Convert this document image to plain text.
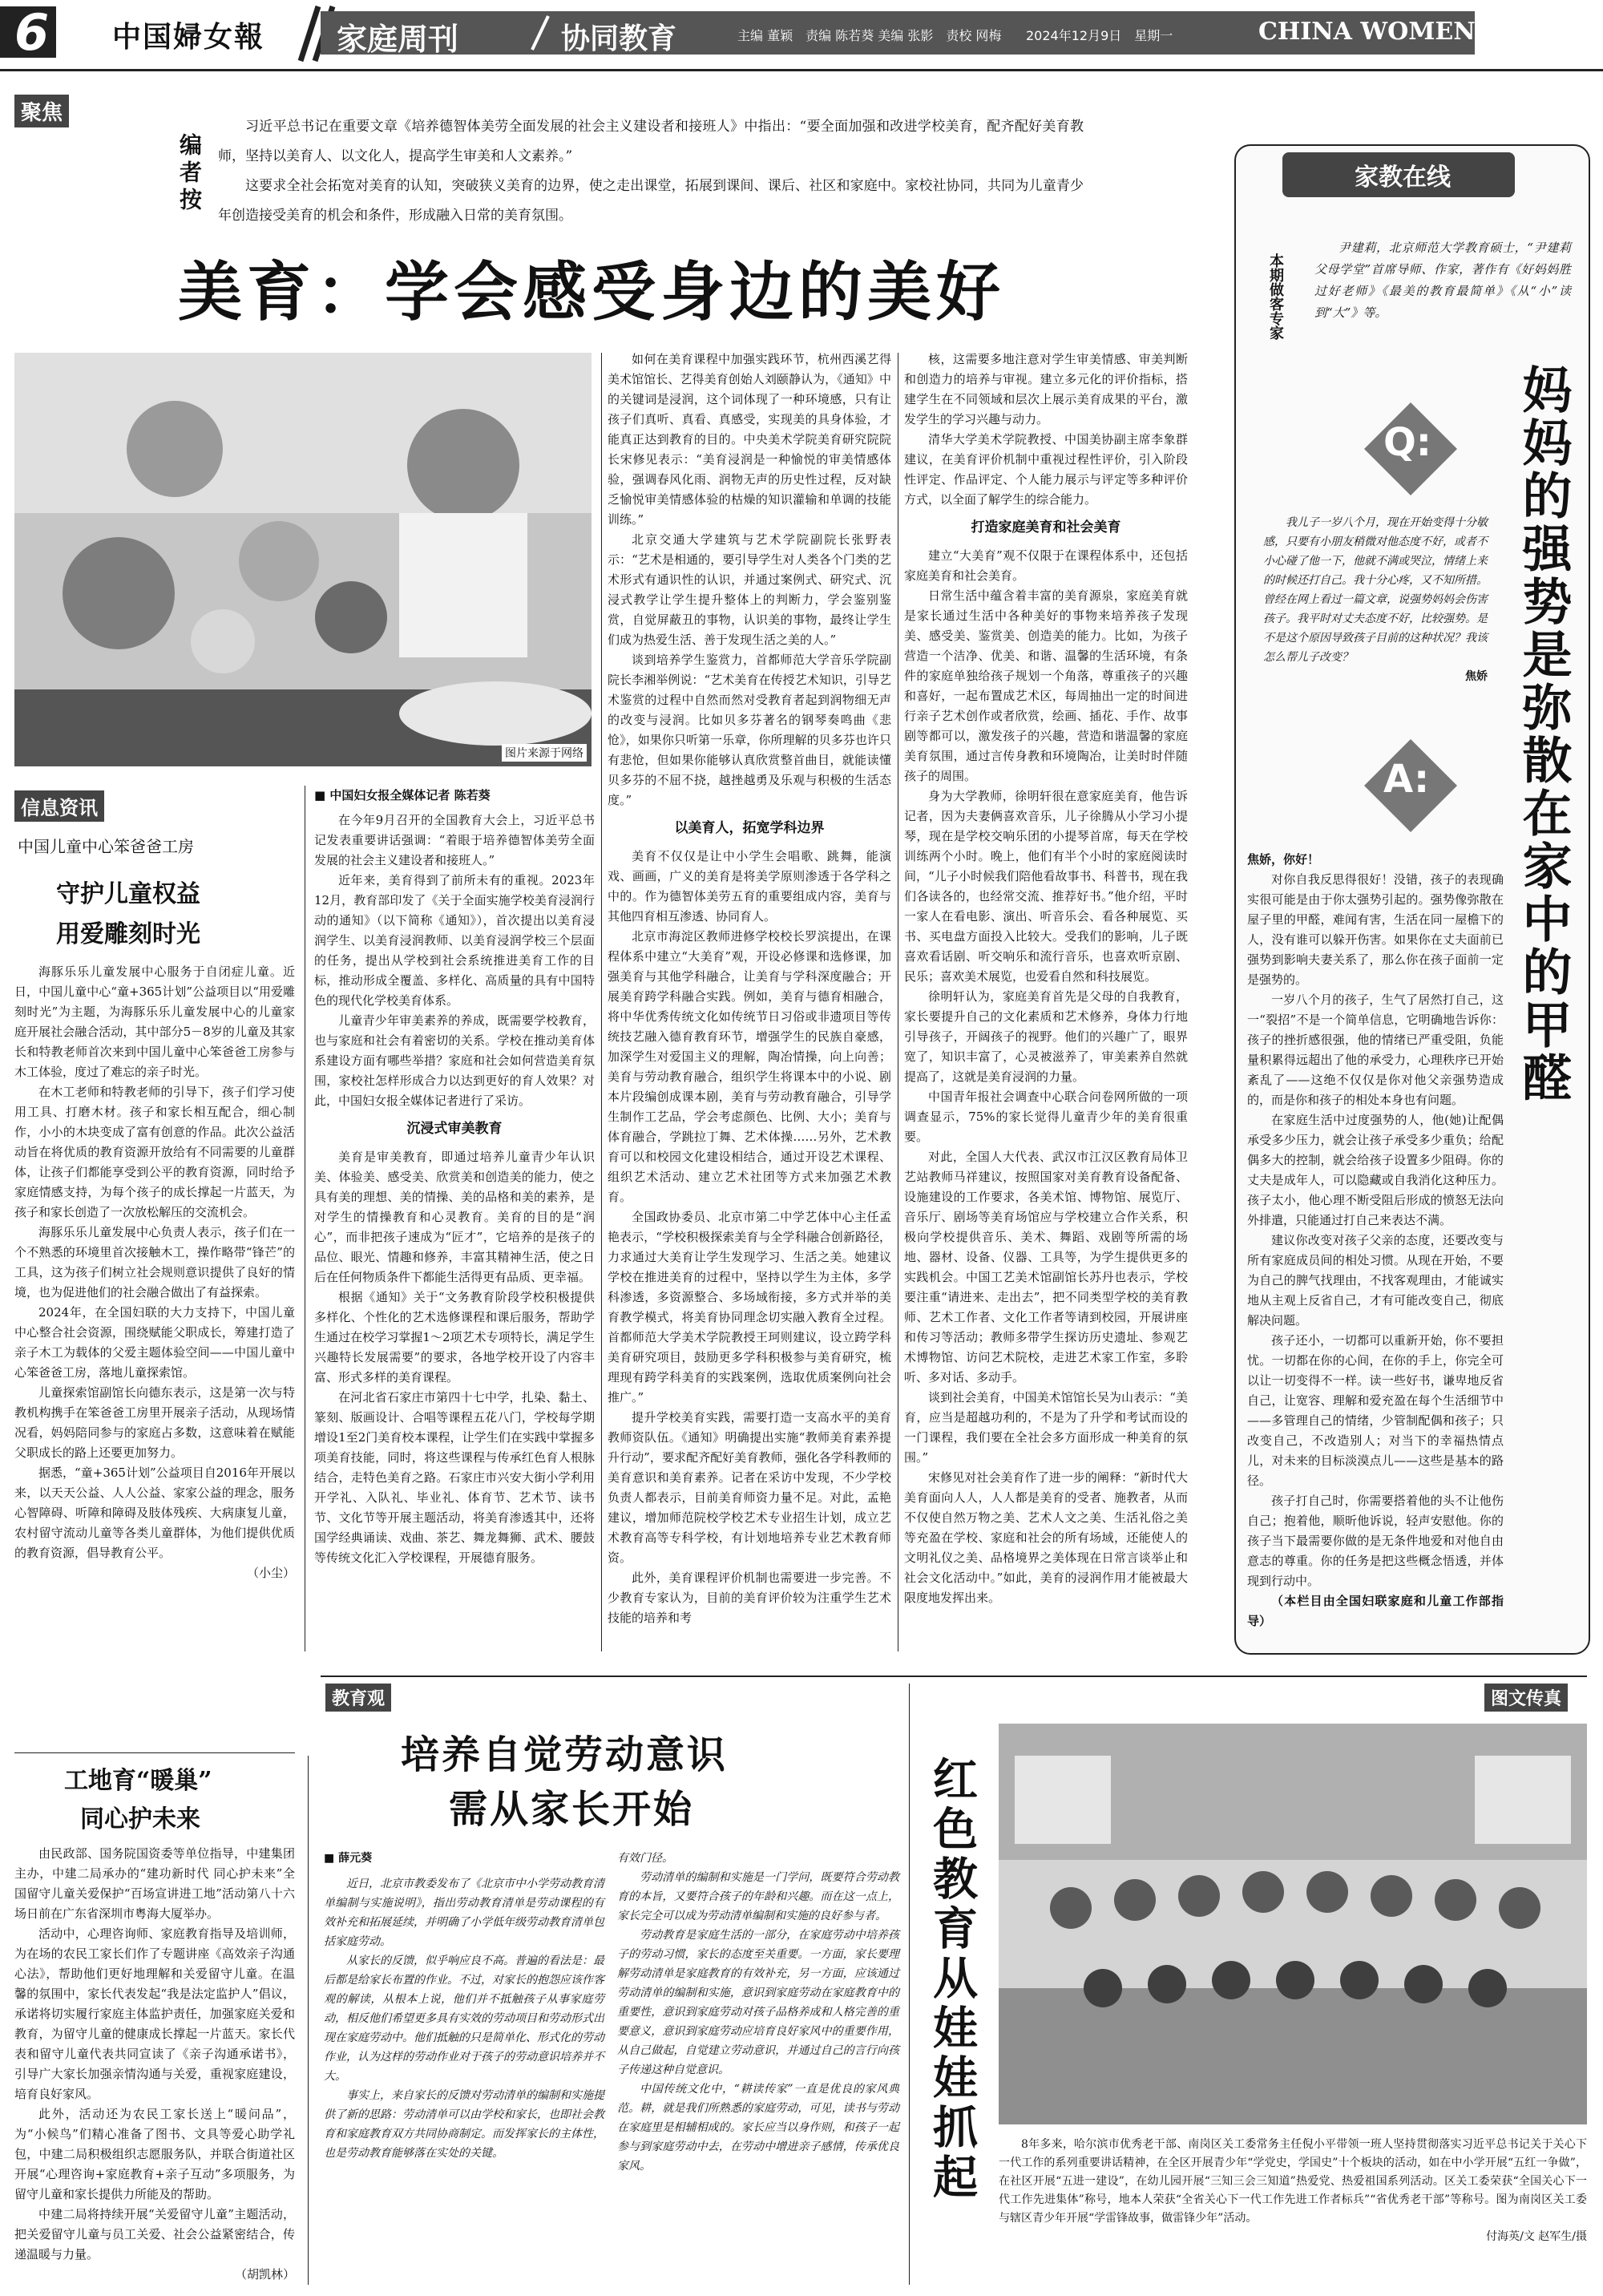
6 中国婦女報 家庭周刊	协同教育	主编 董颖　责编 陈若葵 美编 张影　责校 网梅 2024年12月9日　星期一	CHINA WOMEN'S NEWS
聚焦
编者按

习近平总书记在重要文章《培养德智体美劳全面发展的社会主义建设者和接班人》中指出：“要全面加强和改进学校美育，配齐配好美育教师，坚持以美育人、以文化人，提高学生审美和人文素养。”

这要求全社会拓宽对美育的认知，突破狭义美育的边界，使之走出课堂，拓展到课间、课后、社区和家庭中。家校社协同，共同为儿童青少年创造接受美育的机会和条件，形成融入日常的美育氛围。

美育：学会感受身边的美好
图片来源于网络
■ 中国妇女报全媒体记者 陈若葵

在今年9月召开的全国教育大会上，习近平总书记发表重要讲话强调：“着眼于培养德智体美劳全面发展的社会主义建设者和接班人。”

近年来，美育得到了前所未有的重视。2023年12月，教育部印发了《关于全面实施学校美育浸润行动的通知》（以下简称《通知》），首次提出以美育浸润学生、以美育浸润教师、以美育浸润学校三个层面的任务，提出从学校到社会系统推进美育工作的目标，推动形成全覆盖、多样化、高质量的具有中国特色的现代化学校美育体系。

儿童青少年审美素养的养成，既需要学校教育，也与家庭和社会有着密切的关系。学校在推动美育体系建设方面有哪些举措？家庭和社会如何营造美育氛围，家校社怎样形成合力以达到更好的育人效果？对此，中国妇女报全媒体记者进行了采访。

沉浸式审美教育

美育是审美教育，即通过培养儿童青少年认识美、体验美、感受美、欣赏美和创造美的能力，使之具有美的理想、美的情操、美的品格和美的素养，是对学生的情操教育和心灵教育。美育的目的是“润心”，而非把孩子速成为“匠才”，它培养的是孩子的品位、眼光、情趣和修养，丰富其精神生活，使之日后在任何物质条件下都能生活得更有品质、更幸福。

根据《通知》关于“文务教育阶段学校积极提供多样化、个性化的艺术选修课程和课后服务，帮助学生通过在校学习掌握1～2项艺术专项特长，满足学生兴趣特长发展需要”的要求，各地学校开设了内容丰富、形式多样的美育课程。

在河北省石家庄市第四十七中学，扎染、黏土、篆刻、版画设计、合唱等课程五花八门，学校每学期增设1至2门美育校本课程，让学生们在实践中掌握多项美育技能，同时，将这些课程与传承红色育人根脉结合，走特色美育之路。石家庄市兴安大街小学利用开学礼、入队礼、毕业礼、体育节、艺术节、读书节、文化节等开展主题活动，将美育渗透其中，还将国学经典诵读、戏曲、茶艺、舞龙舞狮、武术、腰鼓等传统文化汇入学校课程，开展德育服务。

如何在美育课程中加强实践环节，杭州西溪艺得美术馆馆长、艺得美育创始人刘颐静认为，《通知》中的关键词是浸润，这个词体现了一种环境感，只有让孩子们真听、真看、真感受，实现美的具身体验，才能真正达到教育的目的。中央美术学院美育研究院院长宋修见表示：“美育浸润是一种愉悦的审美情感体验，强调春风化雨、润物无声的历史性过程，反对缺乏愉悦审美情感体验的枯燥的知识灌输和单调的技能训练。”

北京交通大学建筑与艺术学院副院长张野表示：“艺术是相通的，要引导学生对人类各个门类的艺术形式有通识性的认识，并通过案例式、研究式、沉浸式教学让学生提升整体上的判断力，学会鉴别鉴赏，自觉屏蔽丑的事物，认识美的事物，最终让学生们成为热爱生活、善于发现生活之美的人。”

谈到培养学生鉴赏力，首都师范大学音乐学院副院长李湘举例说：“艺术美育在传授艺术知识，引导艺术鉴赏的过程中自然而然对受教育者起到润物细无声的改变与浸润。比如贝多芬著名的钢琴奏鸣曲《悲怆》，如果你只听第一乐章，你所理解的贝多芬也许只有悲怆，但如果你能够认真欣赏整首曲目，就能读懂贝多芬的不屈不挠，越挫越勇及乐观与积极的生活态度。”

以美育人，拓宽学科边界

美育不仅仅是让中小学生会唱歌、跳舞，能演戏、画画，广义的美育是将美学原则渗透于各学科之中的。作为德智体美劳五育的重要组成内容，美育与其他四育相互渗透、协同育人。

北京市海淀区教师进修学校校长罗滨提出，在课程体系中建立“大美育”观，开设必修课和选修课，加强美育与其他学科融合，让美育与学科深度融合；开展美育跨学科融合实践。例如，美育与德育相融合，将中华优秀传统文化如传统节日习俗或非遗项目等传统技艺融入德育教育环节，增强学生的民族自豪感，加深学生对爱国主义的理解，陶冶情操，向上向善；美育与劳动教育融合，组织学生将课本中的小说、剧本片段编创成课本剧，美育与劳动教育融合，引导学生制作工艺品，学会考虑颜色、比例、大小；美育与体育融合，学跳拉丁舞、艺术体操……另外，艺术教育可以和校园文化建设相结合，通过开设艺术课程、组织艺术活动、建立艺术社团等方式来加强艺术教育。

全国政协委员、北京市第二中学艺体中心主任孟艳表示，“学校积极探索美育与全学科融合创新路径，力求通过大美育让学生发现学习、生活之美。她建议学校在推进美育的过程中，坚持以学生为主体，多学科渗透，多资源整合、多场域衔接，多方式并举的美育教学模式，将美育协同理念切实融入教育全过程。首都师范大学美术学院教授王珂则建议，设立跨学科美育研究项目，鼓励更多学科积极参与美育研究，梳理现有跨学科美育的实践案例，选取优质案例向社会推广。”

提升学校美育实践，需要打造一支高水平的美育教师资队伍。《通知》明确提出实施“教师美育素养提升行动”，要求配齐配好美育教师，强化各学科教师的美育意识和美育素养。记者在采访中发现，不少学校负责人都表示，目前美育师资力量不足。对此，孟艳建议，增加师范院校学校艺术专业招生计划，成立艺术教育高等专科学校，有计划地培养专业艺术教育师资。

此外，美育课程评价机制也需要进一步完善。不少教育专家认为，目前的美育评价较为注重学生艺术技能的培养和考

核，这需要多地注意对学生审美情感、审美判断和创造力的培养与审视。建立多元化的评价指标，搭建学生在不同领域和层次上展示美育成果的平台，激发学生的学习兴趣与动力。

清华大学美术学院教授、中国美协副主席李象群建议，在美育评价机制中重视过程性评价，引入阶段性评定、作品评定、个人能力展示与评定等多种评价方式，以全面了解学生的综合能力。

打造家庭美育和社会美育

建立“大美育”观不仅限于在课程体系中，还包括家庭美育和社会美育。

日常生活中蕴含着丰富的美育源泉，家庭美育就是家长通过生活中各种美好的事物来培养孩子发现美、感受美、鉴赏美、创造美的能力。比如，为孩子营造一个洁净、优美、和谐、温馨的生活环境，有条件的家庭单独给孩子规划一个角落，尊重孩子的兴趣和喜好，一起布置成艺术区，每周抽出一定的时间进行亲子艺术创作或者欣赏，绘画、插花、手作、故事剧等都可以，激发孩子的兴趣，营造和谐温馨的家庭美育氛围，通过言传身教和环境陶冶，让美时时伴随孩子的周围。

身为大学教师，徐明轩很在意家庭美育，他告诉记者，因为夫妻俩喜欢音乐，儿子徐腾从小学习小提琴，现在是学校交响乐团的小提琴首席，每天在学校训练两个小时。晚上，他们有半个小时的家庭阅读时间，“儿子小时候我们陪他看故事书、科普书，现在我们各读各的，也经常交流、推荐好书。”他介绍，平时一家人在看电影、演出、听音乐会、看各种展览、买书、买电盘方面投入比较大。受我们的影响，儿子既喜欢看话剧、听交响乐和流行音乐，也喜欢听京剧、民乐；喜欢美术展览，也爱看自然和科技展览。

徐明轩认为，家庭美育首先是父母的自我教育，家长要提升自己的文化素质和艺术修养，身体力行地引导孩子，开阔孩子的视野。他们的兴趣广了，眼界宽了，知识丰富了，心灵被滋养了，审美素养自然就提高了，这就是美育浸润的力量。

中国青年报社会调查中心联合问卷网所做的一项调查显示，75%的家长觉得儿童青少年的美育很重要。

对此，全国人大代表、武汉市江汉区教育局体卫艺站教师马祥建议，按照国家对美育教育设备配备、设施建设的工作要求，各美术馆、博物馆、展览厅、音乐厅、剧场等美育场馆应与学校建立合作关系，积极向学校提供音乐、美术、舞蹈、戏剧等所需的场地、器材、设备、仪器、工具等，为学生提供更多的实践机会。中国工艺美术馆副馆长苏丹也表示，学校要注重“请进来、走出去”，把不同类型学校的美育教师、艺术工作者、文化工作者等请到校园，开展讲座和传习等活动；教师多带学生探访历史遗址、参观艺术博物馆、访问艺术院校，走进艺术家工作室，多聆听、多对话、多动手。

谈到社会美育，中国美术馆馆长吴为山表示：“美育，应当是超越功利的，不是为了升学和考试而设的一门课程，我们要在全社会多方面形成一种美育的氛围。”

宋修见对社会美育作了进一步的阐释：“新时代大美育面向人人，人人都是美育的受者、施教者，从而不仅使自然万物之美、艺术人文之美、生活礼俗之美等充盈在学校、家庭和社会的所有场域，还能使人的文明礼仪之美、品格境界之美体现在日常言谈举止和社会文化活动中。”如此，美育的浸润作用才能被最大限度地发挥出来。

信息资讯
中国儿童中心笨爸爸工房
守护儿童权益
用爱雕刻时光

海豚乐乐儿童发展中心服务于自闭症儿童。近日，中国儿童中心“童+365计划”公益项目以“用爱雕刻时光”为主题，为海豚乐乐儿童发展中心的儿童家庭开展社会融合活动，其中部分5－8岁的儿童及其家长和特教老师首次来到中国儿童中心笨爸爸工房参与木工体验，度过了难忘的亲子时光。

在木工老师和特教老师的引导下，孩子们学习使用工具、打磨木材。孩子和家长相互配合，细心制作，小小的木块变成了富有创意的作品。此次公益活动旨在将优质的教育资源开放给有不同需要的儿童群体，让孩子们都能享受到公平的教育资源，同时给予家庭情感支持，为每个孩子的成长撑起一片蓝天，为孩子和家长创造了一次放松解压的交流机会。

海豚乐乐儿童发展中心负责人表示，孩子们在一个不熟悉的环境里首次接触木工，操作略带“锋芒”的工具，这为孩子们树立社会规则意识提供了良好的情境，也为促进他们的社会融合做出了有益探索。

2024年，在全国妇联的大力支持下，中国儿童中心整合社会资源，围绕赋能父职成长，筹建打造了亲子木工为载体的父爱主题体验空间——中国儿童中心笨爸爸工房，落地儿童探索馆。

儿童探索馆副馆长向德东表示，这是第一次与特教机构携手在笨爸爸工房里开展亲子活动，从现场情况看，妈妈陪同参与的家庭占多数，这意味着在赋能父职成长的路上还要更加努力。

据悉，“童+365计划”公益项目自2016年开展以来，以天天公益、人人公益、家家公益的理念，服务心智障碍、听障和障碍及肢体残疾、大病康复儿童，农村留守流动儿童等各类儿童群体，为他们提供优质的教育资源，倡导教育公平。

（小尘）
家教在线
本期做客专家

尹建莉，北京师范大学教育硕士，“尹建莉父母学堂”首席导师、作家，著作有《好妈妈胜过好老师》《最美的教育最简单》《从“小”读到“大”》等。

妈妈的强势是弥散在家中的甲醛
Q:

我儿子一岁八个月，现在开始变得十分敏感，只要有小朋友稍微对他态度不好，或者不小心碰了他一下，他就不满或哭泣，情绪上来的时候还打自己。我十分心疼，又不知所措。曾经在网上看过一篇文章，说强势妈妈会伤害孩子。我平时对丈夫态度不好，比较强势。是不是这个原因导致孩子目前的这种状况？我该怎么帮儿子改变？

焦娇
A:
焦娇，你好！

对你自我反思得很好！没错，孩子的表现确实很可能是由于你太强势引起的。强势像弥散在屋子里的甲醛，难闻有害，生活在同一屋檐下的人，没有谁可以躲开伤害。如果你在丈夫面前已强势到影响夫妻关系了，那么你在孩子面前一定是强势的。

一岁八个月的孩子，生气了居然打自己，这一“裂招”不是一个简单信息，它明确地告诉你：孩子的挫折感很强，他的情绪已严重受阻，负能量积累得远超出了他的承受力，心理秩序已开始紊乱了——这绝不仅仅是你对他父亲强势造成的，而是你和孩子的相处本身也有问题。

在家庭生活中过度强势的人，他(她)让配偶承受多少压力，就会让孩子承受多少重负；给配偶多大的控制，就会给孩子设置多少阻碍。你的丈夫是成年人，可以隐藏或自我消化这种压力。孩子太小，他心理不断受阻后形成的愤怒无法向外排遣，只能通过打自己来表达不满。

建议你改变对孩子父亲的态度，还要改变与所有家庭成员间的相处习惯。从现在开始，不要为自己的脾气找理由，不找客观理由，才能诚实地从主观上反省自己，才有可能改变自己，彻底解决问题。

孩子还小，一切都可以重新开始，你不要担忧。一切都在你的心间，在你的手上，你完全可以让一切变得不一样。读一些好书，谦卑地反省自己，让宽容、理解和爱充盈在每个生活细节中——多管理自己的情绪，少管制配偶和孩子；只改变自己，不改造别人；对当下的幸福热情点儿，对未来的目标淡漠点儿——这些是基本的路径。

孩子打自己时，你需要搭着他的头不让他伤自己；抱着他，顺昕他诉说，轻声安慰他。你的孩子当下最需要你做的是无条件地爱和对他自由意志的尊重。你的任务是把这些概念悟透，并体现到行动中。

（本栏目由全国妇联家庭和儿童工作部指导）

工地育“暖巢”
同心护未来

由民政部、国务院国资委等单位指导，中建集团主办，中建二局承办的“建功新时代 同心护未来”全国留守儿童关爱保护“百场宣讲进工地”活动第八十六场日前在广东省深圳市粤海大厦举办。

活动中，心理咨询师、家庭教育指导及培训师，为在场的农民工家长们作了专题讲座《高效亲子沟通心法》，帮助他们更好地理解和关爱留守儿童。在温馨的氛围中，家长代表发起“我是法定监护人”倡议，承诺将切实履行家庭主体监护责任，加强家庭关爱和教育，为留守儿童的健康成长撑起一片蓝天。家长代表和留守儿童代表共同宣读了《亲子沟通承诺书》，引导广大家长加强亲情沟通与关爱，重视家庭建设，培育良好家风。

此外，活动还为农民工家长送上“暖问品”，为“小候鸟”们精心准备了图书、文具等爱心助学礼包，中建二局积极组织志愿服务队，并联合街道社区开展“心理咨询+家庭教育+亲子互动”多项服务，为留守儿童和家长提供力所能及的帮助。

中建二局将持续开展“关爱留守儿童”主题活动，把关爱留守儿童与员工关爱、社会公益紧密结合，传递温暖与力量。

（胡凯林）
教育观
培养自觉劳动意识
需从家长开始
■ 薛元葵

近日，北京市教委发布了《北京市中小学劳动教育清单编制与实施说明》，指出劳动教育清单是劳动课程的有效补充和拓展延续，并明确了小学低年级劳动教育清单包括家庭劳动。

从家长的反馈，似乎响应良不高。普遍的看法是：最后都是给家长布置的作业。不过，对家长的抱怨应该作客观的解读，从根本上说，他们并不抵触孩子从事家庭劳动，相反他们希望更多具有实效的劳动项目和劳动形式出现在家庭劳动中。他们抵触的只是简单化、形式化的劳动作业，认为这样的劳动作业对于孩子的劳动意识培养并不大。

事实上，来自家长的反馈对劳动清单的编制和实施提供了新的思路：劳动清单可以由学校和家长，也即社会教育和家庭教育双方共同协商制定。而发挥家长的主体性，也是劳动教育能够落在实处的关键。

有效门径。

劳动清单的编制和实施是一门学问，既要符合劳动教育的本旨，又要符合孩子的年龄和兴趣。而在这一点上，家长完全可以成为劳动清单编制和实施的良好参与者。

劳动教育是家庭生活的一部分，在家庭劳动中培养孩子的劳动习惯，家长的态度至关重要。一方面，家长要理解劳动清单是家庭教育的有效补充，另一方面，应该通过劳动清单的编制和实施，意识到家庭劳动在家庭教育中的重要性，意识到家庭劳动对孩子品格养成和人格完善的重要意义，意识到家庭劳动应培育良好家风中的重要作用，从自己做起，自觉建立劳动意识，并通过自己的言行向孩子传递这种自觉意识。

中国传统文化中，“耕读传家”一直是优良的家风典范。耕，就是我们所熟悉的家庭劳动，可见，读书与劳动在家庭里是相辅相成的。家长应当以身作则，和孩子一起参与到家庭劳动中去，在劳动中增进亲子感情，传承优良家风。

图文传真
红色教育从娃娃抓起	8年多来，哈尔滨市优秀老干部、南岗区关工委常务主任倪小平带领一班人坚持贯彻落实习近平总书记关于关心下一代工作的系列重要讲话精神，在全区开展青少年“学党史，学国史”十个板块的活动，如在中小学开展“五红一争做”，在社区开展“五进一建设”，在幼儿园开展“三知三会三知道”热爱党、热爱祖国系列活动。区关工委荣获“全国关心下一代工作先进集体”称号，地本人荣获“全省关心下一代工作先进工作者标兵”“省优秀老干部”等称号。图为南岗区关工委与辖区青少年开展“学雷锋故事，做雷锋少年”活动。

付海英/文 赵军生/摄
